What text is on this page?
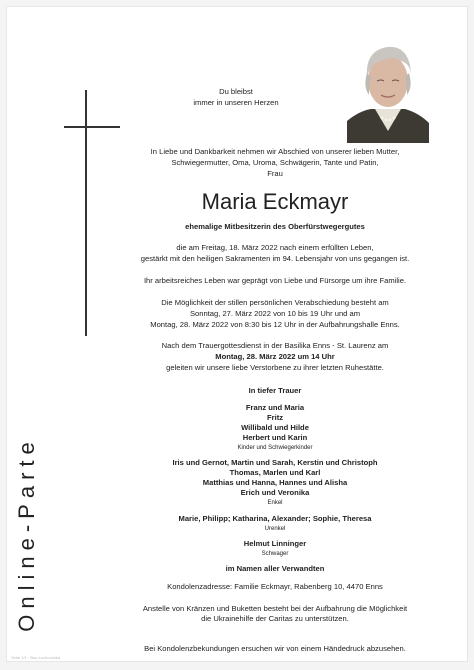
Online-Parte
Du bleibst
immer in unseren Herzen
In Liebe und Dankbarkeit nehmen wir Abschied von unserer lieben Mutter,
Schwiegermutter, Oma, Uroma, Schwägerin, Tante und Patin,
Frau
Maria Eckmayr
ehemalige Mitbesitzerin des Oberfürstwegergutes
die am Freitag, 18. März 2022 nach einem erfüllten Leben,
gestärkt mit den heiligen Sakramenten im 94. Lebensjahr von uns gegangen ist.
Ihr arbeitsreiches Leben war geprägt von Liebe und Fürsorge um ihre Familie.
Die Möglichkeit der stillen persönlichen Verabschiedung besteht am
Sonntag, 27. März 2022 von 10 bis 19 Uhr und am
Montag, 28. März 2022 von 8:30 bis 12 Uhr in der Aufbahrungshalle Enns.
Nach dem Trauergottesdienst in der Basilika Enns - St. Laurenz am
Montag, 28. März 2022 um 14 Uhr
geleiten wir unsere liebe Verstorbene zu ihrer letzten Ruhestätte.
In tiefer Trauer
Franz und Maria
Fritz
Willibald und Hilde
Herbert und Karin
Kinder und Schwiegerkinder
Iris und Gernot, Martin und Sarah, Kerstin und Christoph
Thomas, Marlen und Karl
Matthias und Hanna, Hannes und Alisha
Erich und Veronika
Enkel
Marie, Philipp; Katharina, Alexander; Sophie, Theresa
Urenkel
Helmut Linninger
Schwager
im Namen aller Verwandten
Kondolenzadresse: Familie Eckmayr, Rabenberg 10, 4470 Enns
Anstelle von Kränzen und Buketten besteht bei der Aufbahrung die Möglichkeit
die Ukrainehilfe der Caritas zu unterstützen.
Bei Kondolenzbekundungen ersuchen wir von einem Händedruck abzusehen.
Seite 1/1 · Bau Lochumsika
